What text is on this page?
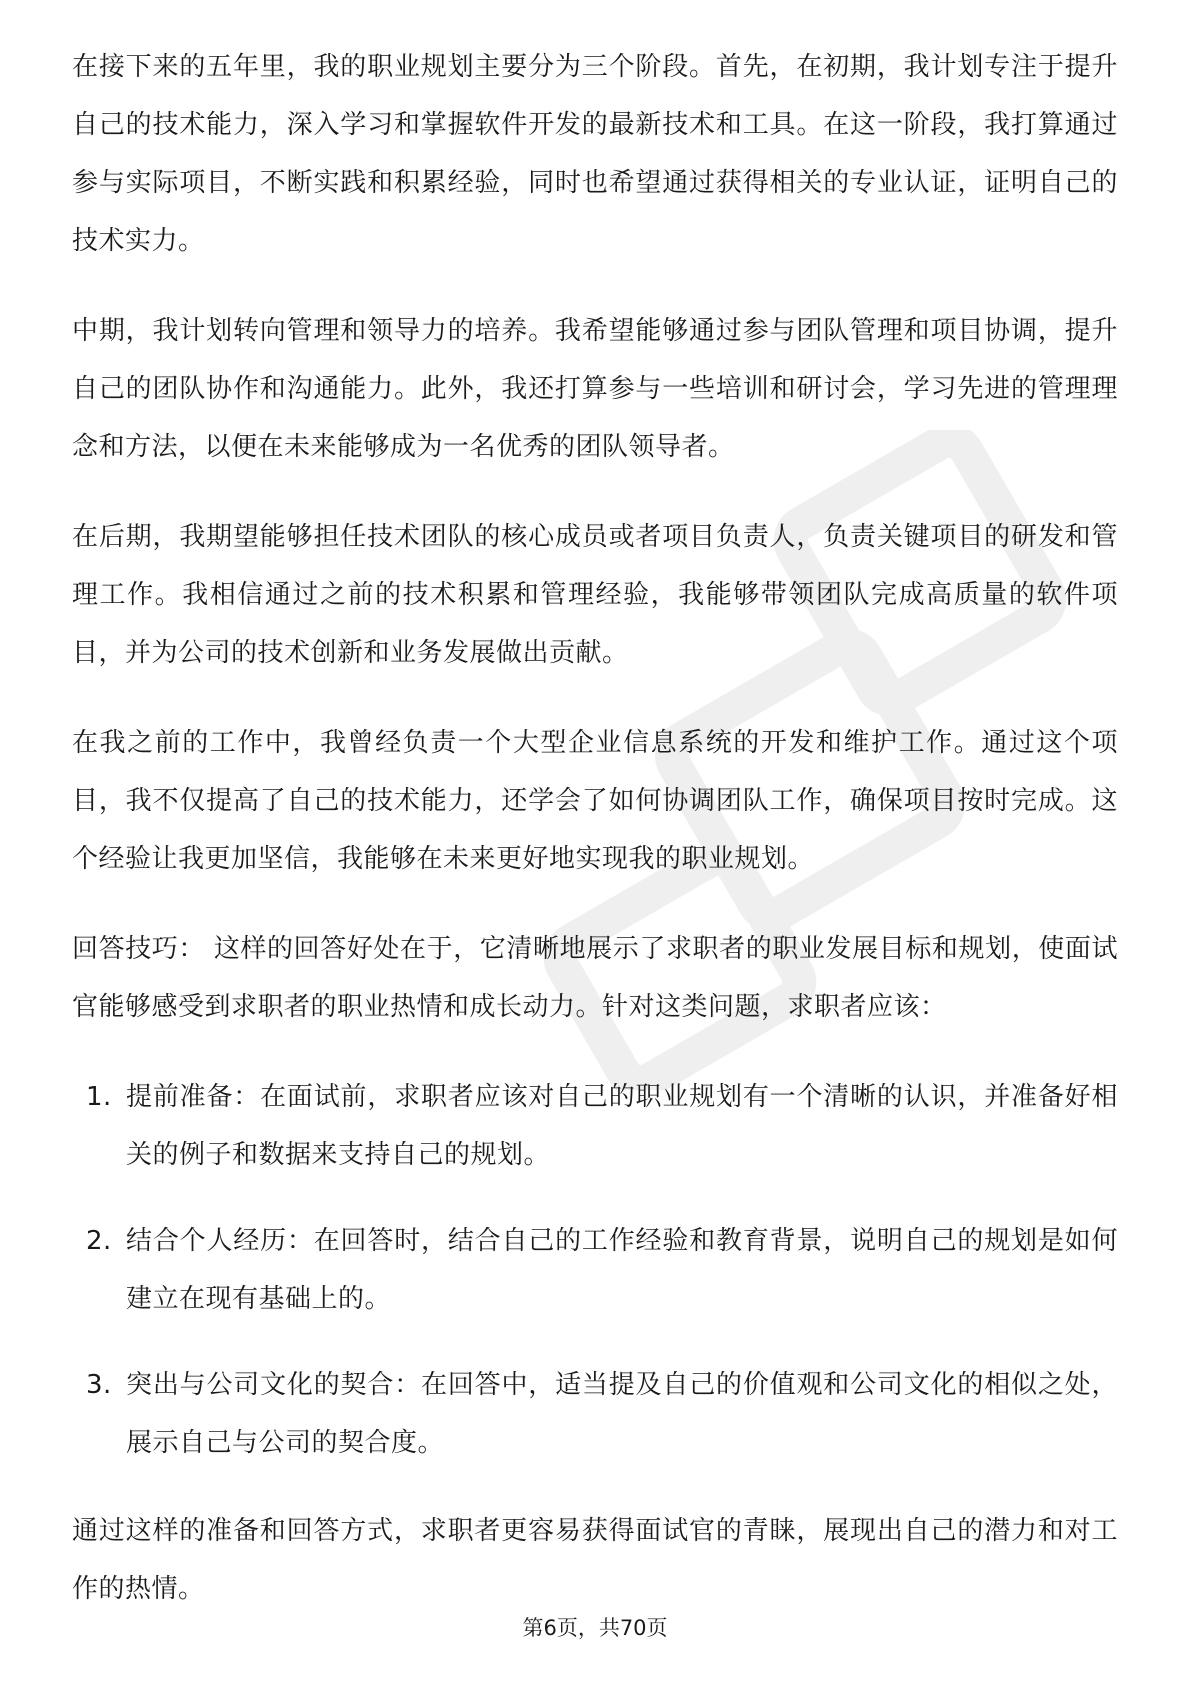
在接下来的五年里，我的职业规划主要分为三个阶段。首先，在初期，我计划专注于提升自己的技术能力，深入学习和掌握软件开发的最新技术和工具。在这一阶段，我打算通过参与实际项目，不断实践和积累经验，同时也希望通过获得相关的专业认证，证明自己的技术实力。

中期，我计划转向管理和领导力的培养。我希望能够通过参与团队管理和项目协调，提升自己的团队协作和沟通能力。此外，我还打算参与一些培训和研讨会，学习先进的管理理念和方法，以便在未来能够成为一名优秀的团队领导者。

在后期，我期望能够担任技术团队的核心成员或者项目负责人，负责关键项目的研发和管理工作。我相信通过之前的技术积累和管理经验，我能够带领团队完成高质量的软件项目，并为公司的技术创新和业务发展做出贡献。

在我之前的工作中，我曾经负责一个大型企业信息系统的开发和维护工作。通过这个项目，我不仅提高了自己的技术能力，还学会了如何协调团队工作，确保项目按时完成。这个经验让我更加坚信，我能够在未来更好地实现我的职业规划。

回答技巧： 这样的回答好处在于，它清晰地展示了求职者的职业发展目标和规划，使面试官能够感受到求职者的职业热情和成长动力。针对这类问题，求职者应该：

1. 提前准备：在面试前，求职者应该对自己的职业规划有一个清晰的认识，并准备好相关的例子和数据来支持自己的规划。
2. 结合个人经历：在回答时，结合自己的工作经验和教育背景，说明自己的规划是如何建立在现有基础上的。
3. 突出与公司文化的契合：在回答中，适当提及自己的价值观和公司文化的相似之处，展示自己与公司的契合度。

通过这样的准备和回答方式，求职者更容易获得面试官的青睐，展现出自己的潜力和对工作的热情。

第6页，共70页
